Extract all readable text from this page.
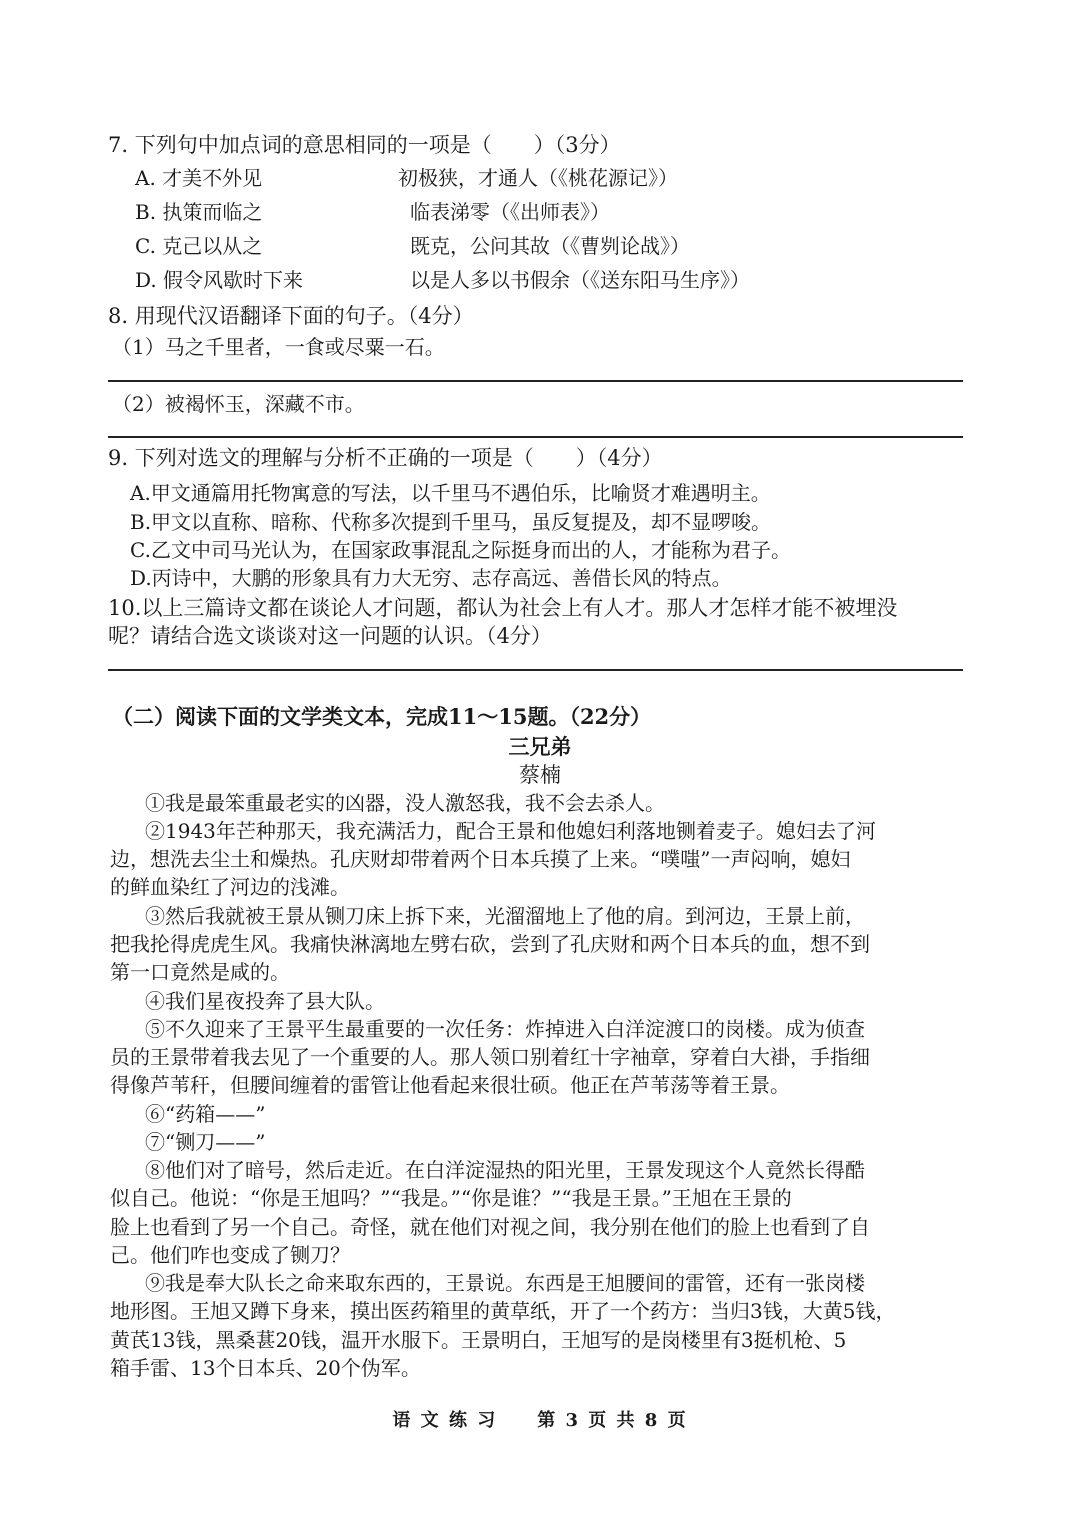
7. 下列句中加点词的意思相同的一项是（　　）（3分）
A. 才美不外见	初极狭，才通人（《桃花源记》）
B. 执策而临之	临表涕零（《出师表》）
C. 克己以从之	既克，公问其故（《曹刿论战》）
D. 假令风歇时下来	以是人多以书假余（《送东阳马生序》）
8. 用现代汉语翻译下面的句子。（4分）
（1）马之千里者，一食或尽粟一石。
（2）被褐怀玉，深藏不市。
9. 下列对选文的理解与分析不正确的一项是（　　）（4分）
A.甲文通篇用托物寓意的写法，以千里马不遇伯乐，比喻贤才难遇明主。
B.甲文以直称、暗称、代称多次提到千里马，虽反复提及，却不显啰唆。
C.乙文中司马光认为，在国家政事混乱之际挺身而出的人，才能称为君子。
D.丙诗中，大鹏的形象具有力大无穷、志存高远、善借长风的特点。
10.以上三篇诗文都在谈论人才问题，都认为社会上有人才。那人才怎样才能不被埋没
呢？请结合选文谈谈对这一问题的认识。（4分）
（二）阅读下面的文学类文本，完成11～15题。（22分）
三兄弟
蔡楠
①我是最笨重最老实的凶器，没人激怒我，我不会去杀人。
②1943年芒种那天，我充满活力，配合王景和他媳妇利落地铡着麦子。媳妇去了河
边，想洗去尘土和燥热。孔庆财却带着两个日本兵摸了上来。“噗嗤”一声闷响，媳妇
的鲜血染红了河边的浅滩。
③然后我就被王景从铡刀床上拆下来，光溜溜地上了他的肩。到河边，王景上前，
把我抡得虎虎生风。我痛快淋漓地左劈右砍，尝到了孔庆财和两个日本兵的血，想不到
第一口竟然是咸的。
④我们星夜投奔了县大队。
⑤不久迎来了王景平生最重要的一次任务：炸掉进入白洋淀渡口的岗楼。成为侦查
员的王景带着我去见了一个重要的人。那人领口别着红十字袖章，穿着白大褂，手指细
得像芦苇秆，但腰间缠着的雷管让他看起来很壮硕。他正在芦苇荡等着王景。
⑥“药箱——”
⑦“铡刀——”
⑧他们对了暗号，然后走近。在白洋淀湿热的阳光里，王景发现这个人竟然长得酷
似自己。他说：“你是王旭吗？”“我是。”“你是谁？”“我是王景。”王旭在王景的
脸上也看到了另一个自己。奇怪，就在他们对视之间，我分别在他们的脸上也看到了自
己。他们咋也变成了铡刀？
⑨我是奉大队长之命来取东西的，王景说。东西是王旭腰间的雷管，还有一张岗楼
地形图。王旭又蹲下身来，摸出医药箱里的黄草纸，开了一个药方：当归3钱，大黄5钱，
黄芪13钱，黑桑葚20钱，温开水服下。王景明白，王旭写的是岗楼里有3挺机枪、5
箱手雷、13个日本兵、20个伪军。
语 文 练 习　　第 3 页 共 8 页
